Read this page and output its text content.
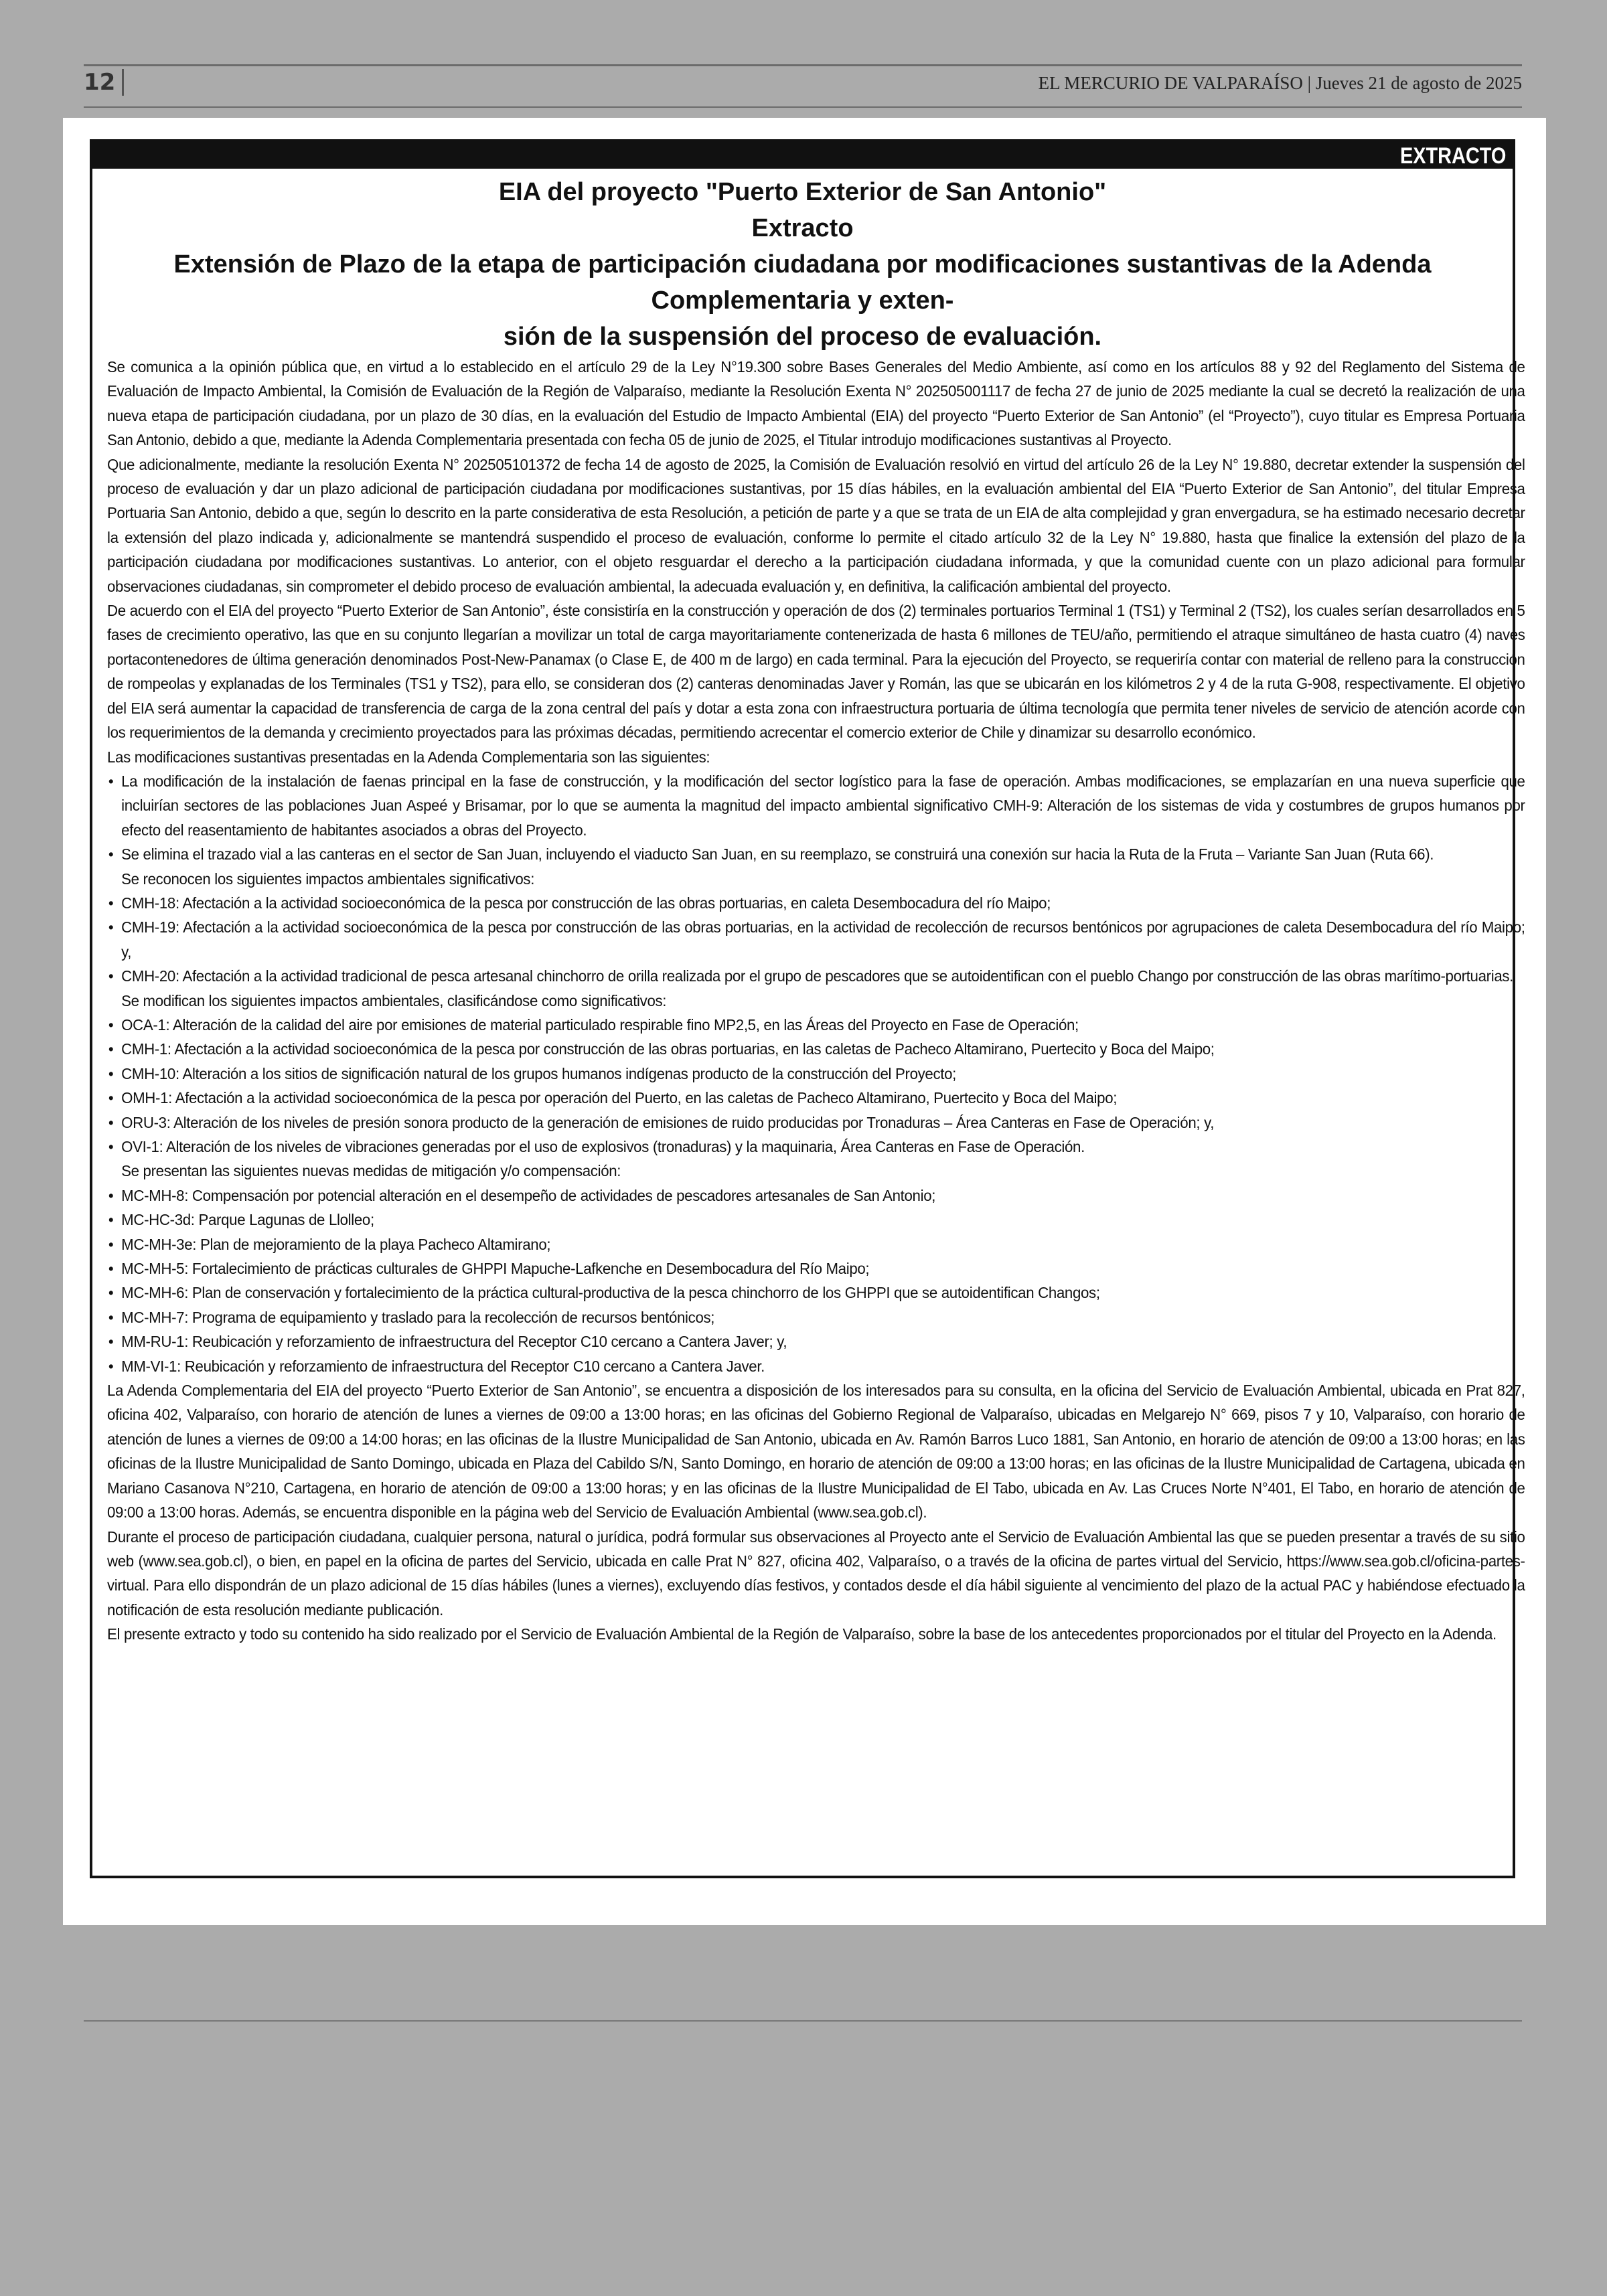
12	EL MERCURIO DE VALPARAÍSO | Jueves 21 de agosto de 2025
EXTRACTO
EIA del proyecto "Puerto Exterior de San Antonio"
Extracto
Extensión de Plazo de la etapa de participación ciudadana por modificaciones sustantivas de la Adenda Complementaria y exten-
sión de la suspensión del proceso de evaluación.

Se comunica a la opinión pública que, en virtud a lo establecido en el artículo 29 de la Ley N°19.300 sobre Bases Generales del Medio Ambiente, así como en los artículos 88 y 92 del Reglamento del Sistema de Evaluación de Impacto Ambiental, la Comisión de Evaluación de la Región de Valparaíso, mediante la Resolución Exenta N° 202505001117 de fecha 27 de junio de 2025 mediante la cual se decretó la realización de una nueva etapa de participación ciudadana, por un plazo de 30 días, en la evaluación del Estudio de Impacto Ambiental (EIA) del proyecto “Puerto Exterior de San Antonio” (el “Proyecto”), cuyo titular es Empresa Portuaria San Antonio, debido a que, mediante la Adenda Complementaria presentada con fecha 05 de junio de 2025, el Titular introdujo modificaciones sustantivas al Proyecto.

Que adicionalmente, mediante la resolución Exenta N° 202505101372 de fecha 14 de agosto de 2025, la Comisión de Evaluación resolvió en virtud del artículo 26 de la Ley N° 19.880, decretar extender la suspensión del proceso de evaluación y dar un plazo adicional de participación ciudadana por modificaciones sustantivas, por 15 días hábiles, en la evaluación ambiental del EIA “Puerto Exterior de San Antonio”, del titular Empresa Portuaria San Antonio, debido a que, según lo descrito en la parte considerativa de esta Resolución, a petición de parte y a que se trata de un EIA de alta complejidad y gran envergadura, se ha estimado necesario decretar la extensión del plazo indicada y, adicionalmente se mantendrá suspendido el proceso de evaluación, conforme lo permite el citado artículo 32 de la Ley N° 19.880, hasta que finalice la extensión del plazo de la participación ciudadana por modificaciones sustantivas. Lo anterior, con el objeto resguardar el derecho a la participación ciudadana informada, y que la comunidad cuente con un plazo adicional para formular observaciones ciudadanas, sin comprometer el debido proceso de evaluación ambiental, la adecuada evaluación y, en definitiva, la calificación ambiental del proyecto.

De acuerdo con el EIA del proyecto “Puerto Exterior de San Antonio”, éste consistiría en la construcción y operación de dos (2) terminales portuarios Terminal 1 (TS1) y Terminal 2 (TS2), los cuales serían desarrollados en 5 fases de crecimiento operativo, las que en su conjunto llegarían a movilizar un total de carga mayoritariamente contenerizada de hasta 6 millones de TEU/año, permitiendo el atraque simultáneo de hasta cuatro (4) naves portacontenedores de última generación denominados Post-New-Panamax (o Clase E, de 400 m de largo) en cada terminal. Para la ejecución del Proyecto, se requeriría contar con material de relleno para la construcción de rompeolas y explanadas de los Terminales (TS1 y TS2), para ello, se consideran dos (2) canteras denominadas Javer y Román, las que se ubicarán en los kilómetros 2 y 4 de la ruta G-908, respectivamente. El objetivo del EIA será aumentar la capacidad de transferencia de carga de la zona central del país y dotar a esta zona con infraestructura portuaria de última tecnología que permita tener niveles de servicio de atención acorde con los requerimientos de la demanda y crecimiento proyectados para las próximas décadas, permitiendo acrecentar el comercio exterior de Chile y dinamizar su desarrollo económico.

Las modificaciones sustantivas presentadas en la Adenda Complementaria son las siguientes:

• La modificación de la instalación de faenas principal en la fase de construcción, y la modificación del sector logístico para la fase de operación. Ambas modificaciones, se emplazarían en una nueva superficie que incluirían sectores de las poblaciones Juan Aspeé y Brisamar, por lo que se aumenta la magnitud del impacto ambiental significativo CMH-9: Alteración de los sistemas de vida y costumbres de grupos humanos por efecto del reasentamiento de habitantes asociados a obras del Proyecto.
• Se elimina el trazado vial a las canteras en el sector de San Juan, incluyendo el viaducto San Juan, en su reemplazo, se construirá una conexión sur hacia la Ruta de la Fruta – Variante San Juan (Ruta 66).

Se reconocen los siguientes impactos ambientales significativos:

• CMH-18: Afectación a la actividad socioeconómica de la pesca por construcción de las obras portuarias, en caleta Desembocadura del río Maipo;
• CMH-19: Afectación a la actividad socioeconómica de la pesca por construcción de las obras portuarias, en la actividad de recolección de recursos bentónicos por agrupaciones de caleta Desembocadura del río Maipo; y,
• CMH-20: Afectación a la actividad tradicional de pesca artesanal chinchorro de orilla realizada por el grupo de pescadores que se autoidentifican con el pueblo Chango por construcción de las obras marítimo-portuarias.

Se modifican los siguientes impactos ambientales, clasificándose como significativos:

• OCA-1: Alteración de la calidad del aire por emisiones de material particulado respirable fino MP2,5, en las Áreas del Proyecto en Fase de Operación;
• CMH-1: Afectación a la actividad socioeconómica de la pesca por construcción de las obras portuarias, en las caletas de Pacheco Altamirano, Puertecito y Boca del Maipo;
• CMH-10: Alteración a los sitios de significación natural de los grupos humanos indígenas producto de la construcción del Proyecto;
• OMH-1: Afectación a la actividad socioeconómica de la pesca por operación del Puerto, en las caletas de Pacheco Altamirano, Puertecito y Boca del Maipo;
• ORU-3: Alteración de los niveles de presión sonora producto de la generación de emisiones de ruido producidas por Tronaduras – Área Canteras en Fase de Operación; y,
• OVI-1: Alteración de los niveles de vibraciones generadas por el uso de explosivos (tronaduras) y la maquinaria, Área Canteras en Fase de Operación.

Se presentan las siguientes nuevas medidas de mitigación y/o compensación:

• MC-MH-8: Compensación por potencial alteración en el desempeño de actividades de pescadores artesanales de San Antonio;
• MC-HC-3d: Parque Lagunas de Llolleo;
• MC-MH-3e: Plan de mejoramiento de la playa Pacheco Altamirano;
• MC-MH-5: Fortalecimiento de prácticas culturales de GHPPI Mapuche-Lafkenche en Desembocadura del Río Maipo;
• MC-MH-6: Plan de conservación y fortalecimiento de la práctica cultural-productiva de la pesca chinchorro de los GHPPI que se autoidentifican Changos;
• MC-MH-7: Programa de equipamiento y traslado para la recolección de recursos bentónicos;
• MM-RU-1: Reubicación y reforzamiento de infraestructura del Receptor C10 cercano a Cantera Javer; y,
• MM-VI-1: Reubicación y reforzamiento de infraestructura del Receptor C10 cercano a Cantera Javer.

La Adenda Complementaria del EIA del proyecto “Puerto Exterior de San Antonio”, se encuentra a disposición de los interesados para su consulta, en la oficina del Servicio de Evaluación Ambiental, ubicada en Prat 827, oficina 402, Valparaíso, con horario de atención de lunes a viernes de 09:00 a 13:00 horas; en las oficinas del Gobierno Regional de Valparaíso, ubicadas en Melgarejo N° 669, pisos 7 y 10, Valparaíso, con horario de atención de lunes a viernes de 09:00 a 14:00 horas; en las oficinas de la Ilustre Municipalidad de San Antonio, ubicada en Av. Ramón Barros Luco 1881, San Antonio, en horario de atención de 09:00 a 13:00 horas; en las oficinas de la Ilustre Municipalidad de Santo Domingo, ubicada en Plaza del Cabildo S/N, Santo Domingo, en horario de atención de 09:00 a 13:00 horas; en las oficinas de la Ilustre Municipalidad de Cartagena, ubicada en Mariano Casanova N°210, Cartagena, en horario de atención de 09:00 a 13:00 horas; y en las oficinas de la Ilustre Municipalidad de El Tabo, ubicada en Av. Las Cruces Norte N°401, El Tabo, en horario de atención de 09:00 a 13:00 horas. Además, se encuentra disponible en la página web del Servicio de Evaluación Ambiental (www.sea.gob.cl).

Durante el proceso de participación ciudadana, cualquier persona, natural o jurídica, podrá formular sus observaciones al Proyecto ante el Servicio de Evaluación Ambiental las que se pueden presentar a través de su sitio web (www.sea.gob.cl), o bien, en papel en la oficina de partes del Servicio, ubicada en calle Prat N° 827, oficina 402, Valparaíso, o a través de la oficina de partes virtual del Servicio, https://www.sea.gob.cl/oficina-partes-virtual. Para ello dispondrán de un plazo adicional de 15 días hábiles (lunes a viernes), excluyendo días festivos, y contados desde el día hábil siguiente al vencimiento del plazo de la actual PAC y habiéndose efectuado la notificación de esta resolución mediante publicación.

El presente extracto y todo su contenido ha sido realizado por el Servicio de Evaluación Ambiental de la Región de Valparaíso, sobre la base de los antecedentes proporcionados por el titular del Proyecto en la Adenda.
